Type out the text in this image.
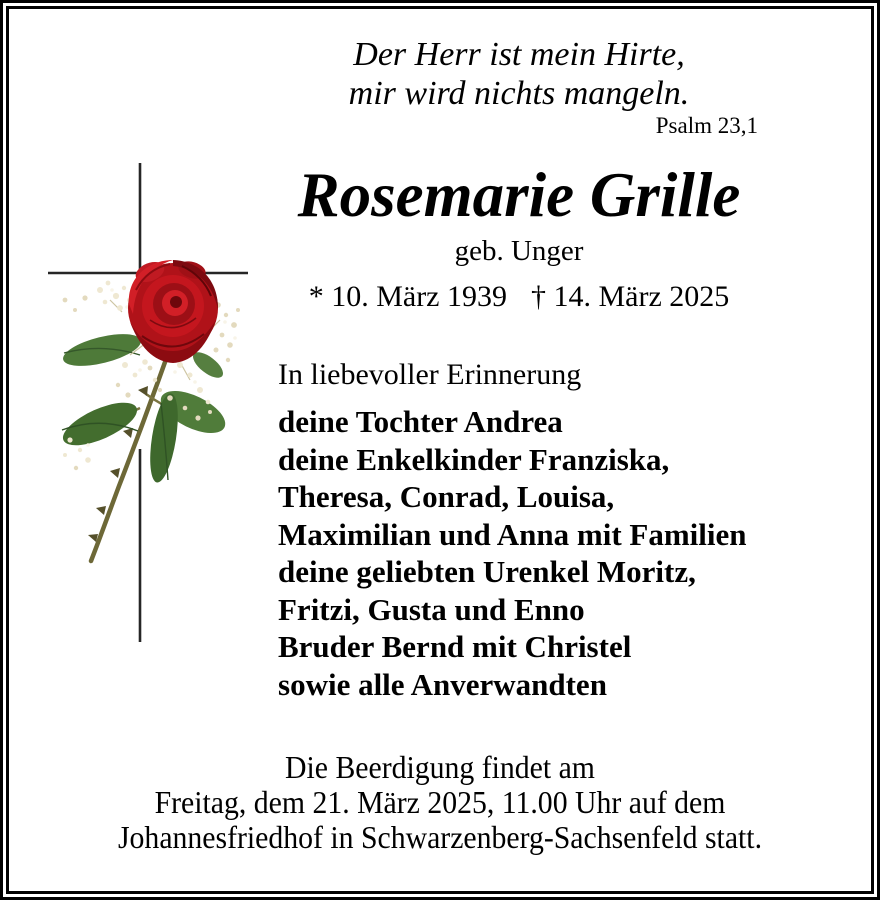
Der Herr ist mein Hirte,
mir wird nichts mangeln.
Psalm 23,1
Rosemarie Grille
geb. Unger
* 10. März 1939 † 14. März 2025
In liebevoller Erinnerung
deine Tochter Andrea
deine Enkelkinder Franziska,
Theresa, Conrad, Louisa,
Maximilian und Anna mit Familien
deine geliebten Urenkel Moritz,
Fritzi, Gusta und Enno
Bruder Bernd mit Christel
sowie alle Anverwandten
Die Beerdigung findet am
Freitag, dem 21. März 2025, 11.00 Uhr auf dem
Johannesfriedhof in Schwarzenberg-Sachsenfeld statt.
